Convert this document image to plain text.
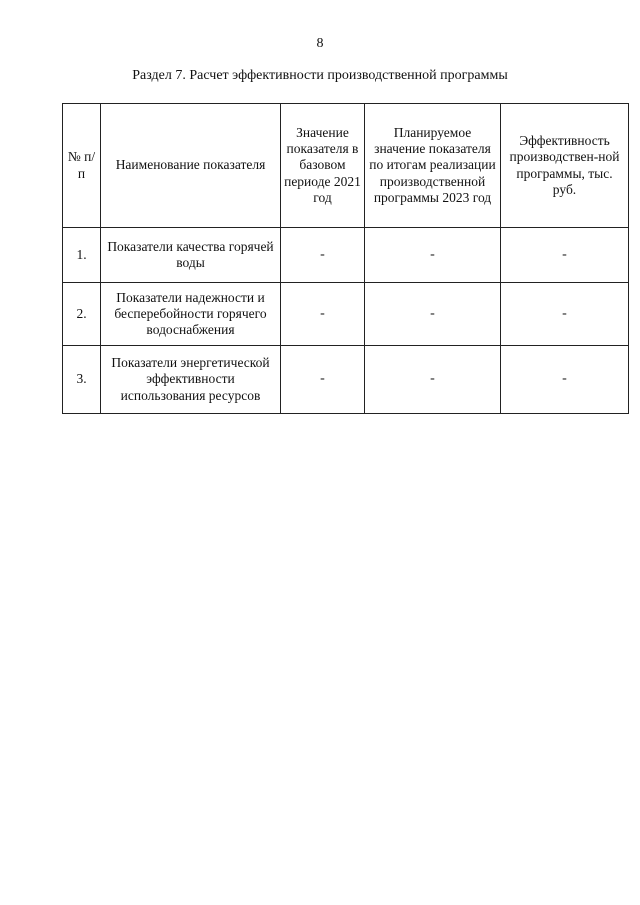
8
Раздел 7. Расчет эффективности производственной программы
№ п/п	Наименование показателя	Значение показателя в базовом периоде 2021 год	Планируемое значение показателя по итогам реализации производственной программы 2023 год	Эффективность производствен-ной программы, тыс. руб.
1.	Показатели качества горячей воды	-	-	-
2.	Показатели надежности и бесперебойности горячего водоснабжения	-	-	-
3.	Показатели энергетической эффективности использования ресурсов	-	-	-
